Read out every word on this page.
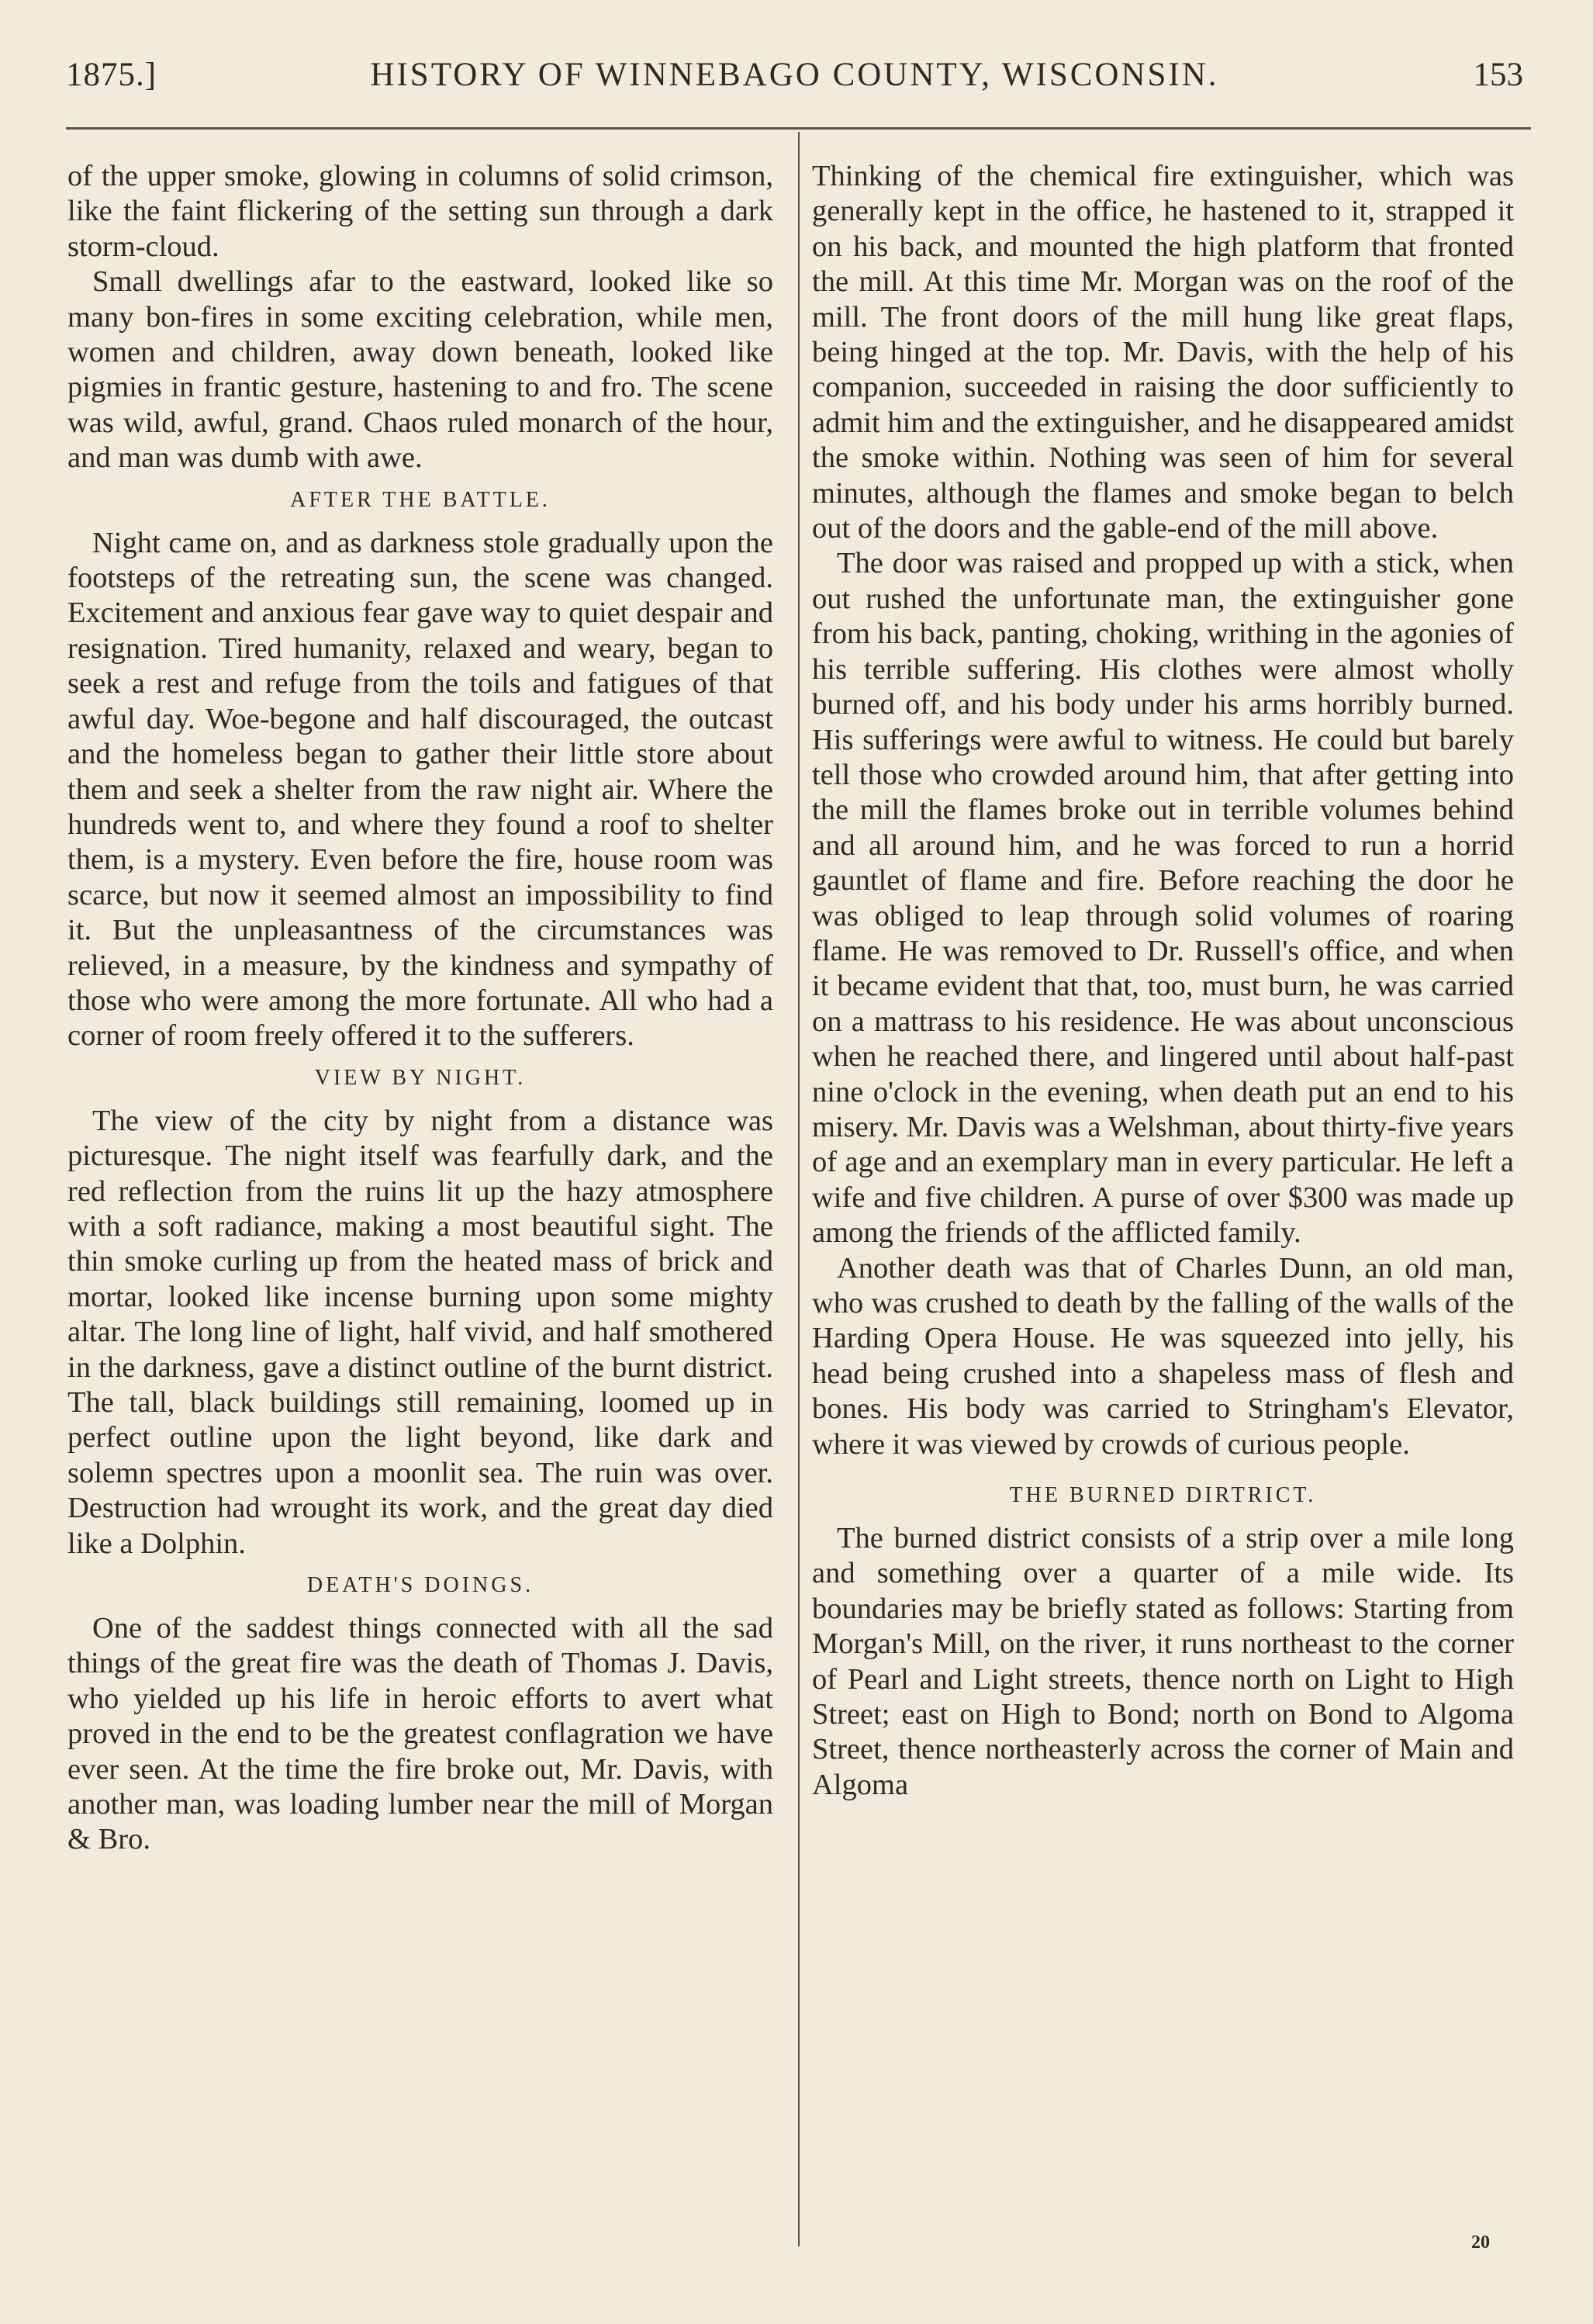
1875.]	HISTORY OF WINNEBAGO COUNTY, WISCONSIN.	153

of the upper smoke, glowing in columns of solid crimson, like the faint flickering of the setting sun through a dark storm-cloud.

Small dwellings afar to the eastward, looked like so many bon-fires in some exciting celebration, while men, women and children, away down beneath, looked like pigmies in frantic gesture, hastening to and fro. The scene was wild, awful, grand. Chaos ruled monarch of the hour, and man was dumb with awe.

AFTER THE BATTLE.

Night came on, and as darkness stole gradually upon the footsteps of the retreating sun, the scene was changed. Excitement and anxious fear gave way to quiet despair and resignation. Tired humanity, relaxed and weary, began to seek a rest and refuge from the toils and fatigues of that awful day. Woe-begone and half discouraged, the outcast and the homeless began to gather their little store about them and seek a shelter from the raw night air. Where the hundreds went to, and where they found a roof to shelter them, is a mystery. Even before the fire, house room was scarce, but now it seemed almost an impossibility to find it. But the unpleasantness of the circumstances was relieved, in a measure, by the kindness and sympathy of those who were among the more fortunate. All who had a corner of room freely offered it to the sufferers.

VIEW BY NIGHT.

The view of the city by night from a distance was picturesque. The night itself was fearfully dark, and the red reflection from the ruins lit up the hazy atmosphere with a soft radiance, making a most beautiful sight. The thin smoke curling up from the heated mass of brick and mortar, looked like incense burning upon some mighty altar. The long line of light, half vivid, and half smothered in the darkness, gave a distinct outline of the burnt district. The tall, black buildings still remaining, loomed up in perfect outline upon the light beyond, like dark and solemn spectres upon a moonlit sea. The ruin was over. Destruction had wrought its work, and the great day died like a Dolphin.

DEATH'S DOINGS.

One of the saddest things connected with all the sad things of the great fire was the death of Thomas J. Davis, who yielded up his life in heroic efforts to avert what proved in the end to be the greatest conflagration we have ever seen. At the time the fire broke out, Mr. Davis, with another man, was loading lumber near the mill of Morgan & Bro.

Thinking of the chemical fire extinguisher, which was generally kept in the office, he hastened to it, strapped it on his back, and mounted the high platform that fronted the mill. At this time Mr. Morgan was on the roof of the mill. The front doors of the mill hung like great flaps, being hinged at the top. Mr. Davis, with the help of his companion, succeeded in raising the door sufficiently to admit him and the extinguisher, and he disappeared amidst the smoke within. Nothing was seen of him for several minutes, although the flames and smoke began to belch out of the doors and the gable-end of the mill above.

The door was raised and propped up with a stick, when out rushed the unfortunate man, the extinguisher gone from his back, panting, choking, writhing in the agonies of his terrible suffering. His clothes were almost wholly burned off, and his body under his arms horribly burned. His sufferings were awful to witness. He could but barely tell those who crowded around him, that after getting into the mill the flames broke out in terrible volumes behind and all around him, and he was forced to run a horrid gauntlet of flame and fire. Before reaching the door he was obliged to leap through solid volumes of roaring flame. He was removed to Dr. Russell's office, and when it became evident that that, too, must burn, he was carried on a mattrass to his residence. He was about unconscious when he reached there, and lingered until about half-past nine o'clock in the evening, when death put an end to his misery. Mr. Davis was a Welshman, about thirty-five years of age and an exemplary man in every particular. He left a wife and five children. A purse of over $300 was made up among the friends of the afflicted family.

Another death was that of Charles Dunn, an old man, who was crushed to death by the falling of the walls of the Harding Opera House. He was squeezed into jelly, his head being crushed into a shapeless mass of flesh and bones. His body was carried to Stringham's Elevator, where it was viewed by crowds of curious people.

THE BURNED DIRTRICT.

The burned district consists of a strip over a mile long and something over a quarter of a mile wide. Its boundaries may be briefly stated as follows: Starting from Morgan's Mill, on the river, it runs northeast to the corner of Pearl and Light streets, thence north on Light to High Street; east on High to Bond; north on Bond to Algoma Street, thence northeasterly across the corner of Main and Algoma

20
